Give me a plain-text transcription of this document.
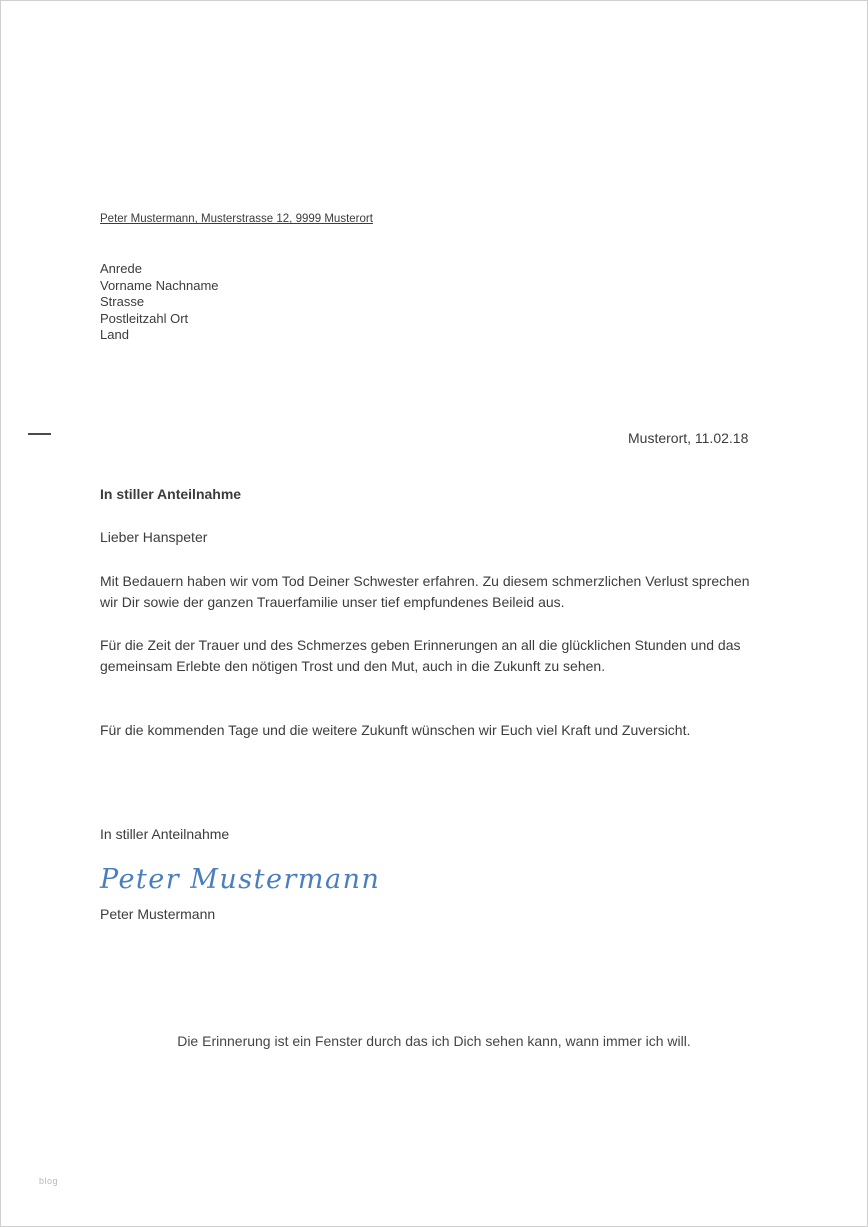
Peter Mustermann, Musterstrasse 12, 9999 Musterort
Anrede
Vorname Nachname
Strasse
Postleitzahl Ort
Land
Musterort, 11.02.18
In stiller Anteilnahme
Lieber Hanspeter

Mit Bedauern haben wir vom Tod Deiner Schwester erfahren. Zu diesem schmerzlichen Verlust sprechen wir Dir sowie der ganzen Trauerfamilie unser tief empfundenes Beileid aus.

Für die Zeit der Trauer und des Schmerzes geben Erinnerungen an all die glücklichen Stunden und das gemeinsam Erlebte den nötigen Trost und den Mut, auch in die Zukunft zu sehen.

Für die kommenden Tage und die weitere Zukunft wünschen wir Euch viel Kraft und Zuversicht.

In stiller Anteilnahme
Peter Mustermann
Peter Mustermann
Die Erinnerung ist ein Fenster durch das ich Dich sehen kann, wann immer ich will.
blog
